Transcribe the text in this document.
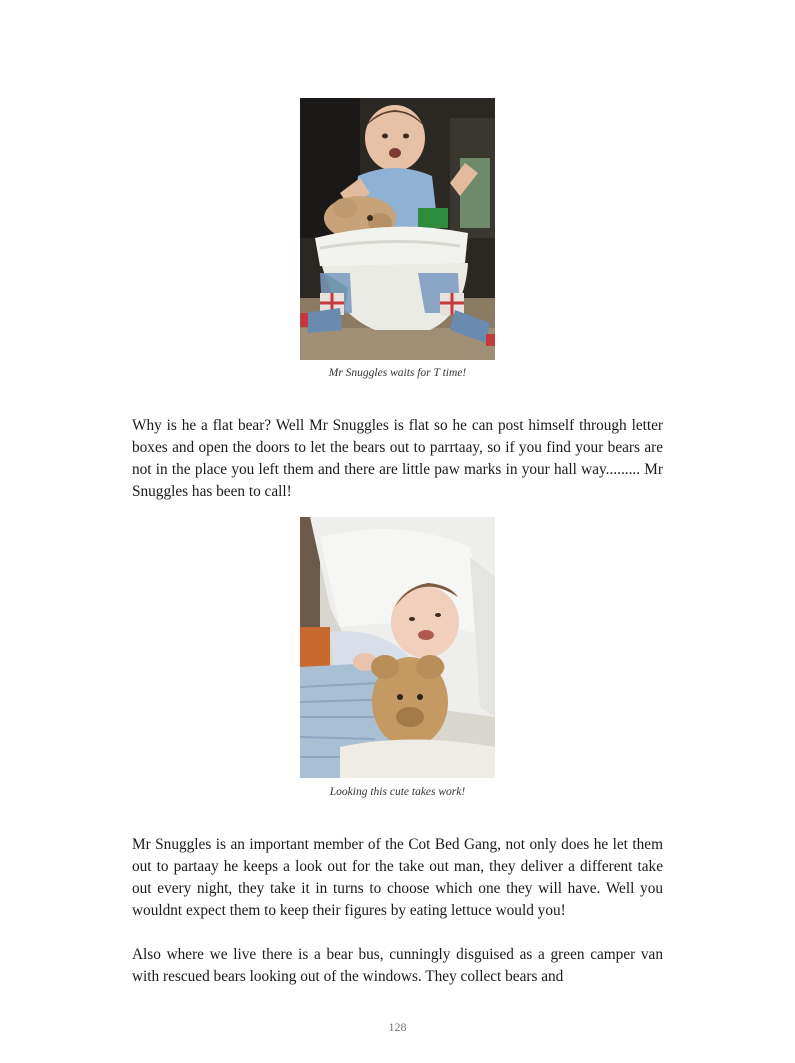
Mr Snuggles waits for T time!

Why is he a flat bear? Well Mr Snuggles is flat so he can post himself through letter boxes and open the doors to let the bears out to parrtaay, so if you find your bears are not in the place you left them and there are little paw marks in your hall way......... Mr Snuggles has been to call!

Looking this cute takes work!

Mr Snuggles is an important member of the Cot Bed Gang, not only does he let them out to partaay he keeps a look out for the take out man, they deliver a different take out every night, they take it in turns to choose which one they will have. Well you wouldnt expect them to keep their figures by eating lettuce would you!

Also where we live there is a bear bus, cunningly disguised as a green camper van with rescued bears looking out of the windows. They collect bears and

128
